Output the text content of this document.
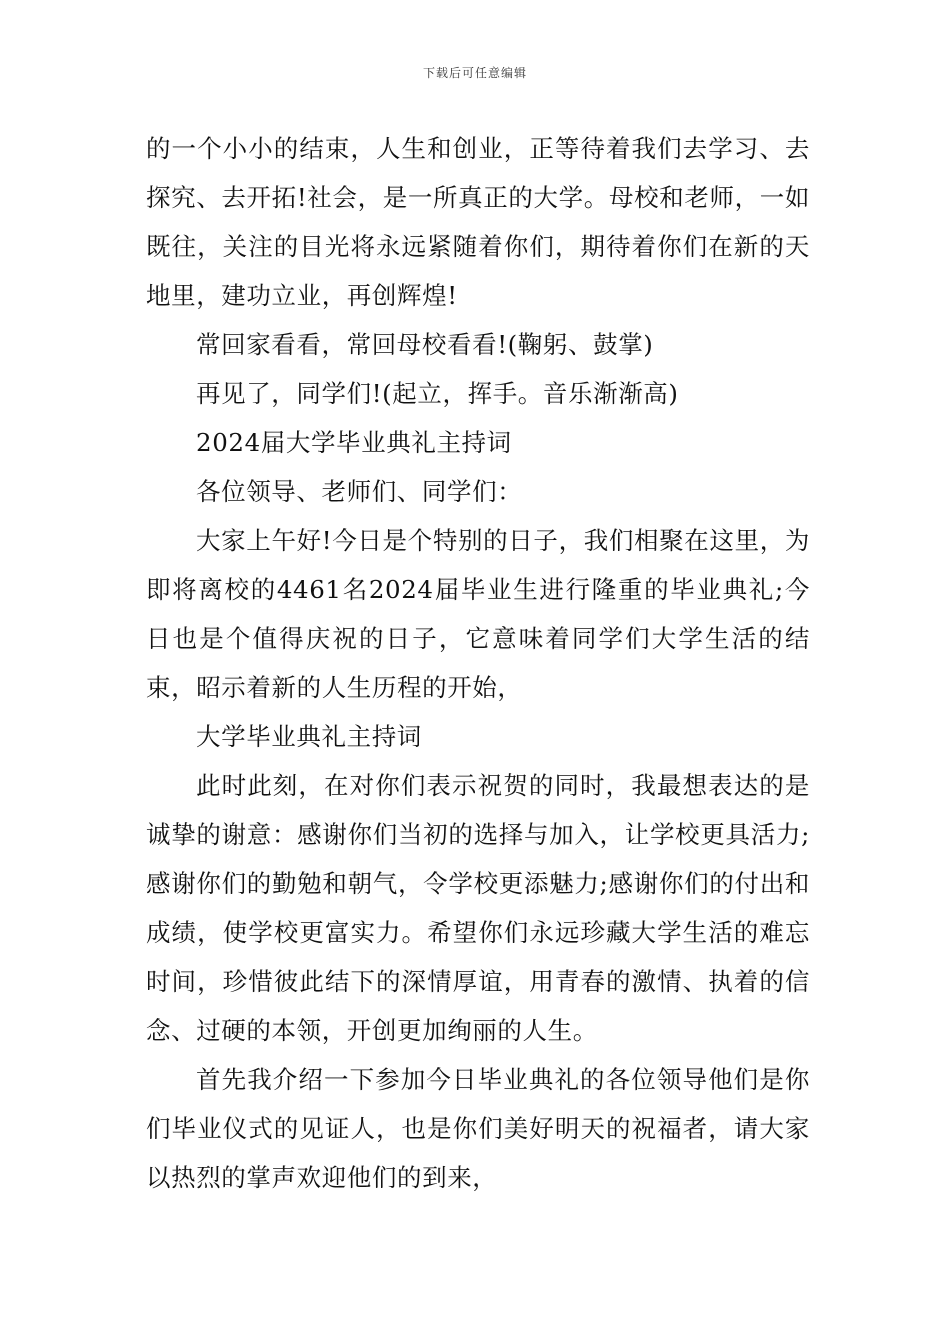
下载后可任意编辑

的一个小小的结束，人生和创业，正等待着我们去学习、去探究、去开拓!社会，是一所真正的大学。母校和老师，一如既往，关注的目光将永远紧随着你们，期待着你们在新的天地里，建功立业，再创辉煌!

常回家看看，常回母校看看!(鞠躬、鼓掌)

再见了，同学们!(起立，挥手。音乐渐渐高)

2024届大学毕业典礼主持词

各位领导、老师们、同学们：

大家上午好!今日是个特别的日子，我们相聚在这里，为即将离校的4461名2024届毕业生进行隆重的毕业典礼;今日也是个值得庆祝的日子，它意味着同学们大学生活的结束，昭示着新的人生历程的开始，

大学毕业典礼主持词

此时此刻，在对你们表示祝贺的同时，我最想表达的是诚挚的谢意：感谢你们当初的选择与加入，让学校更具活力;感谢你们的勤勉和朝气，令学校更添魅力;感谢你们的付出和成绩，使学校更富实力。希望你们永远珍藏大学生活的难忘时间，珍惜彼此结下的深情厚谊，用青春的激情、执着的信念、过硬的本领，开创更加绚丽的人生。

首先我介绍一下参加今日毕业典礼的各位领导他们是你们毕业仪式的见证人，也是你们美好明天的祝福者，请大家以热烈的掌声欢迎他们的到来，
